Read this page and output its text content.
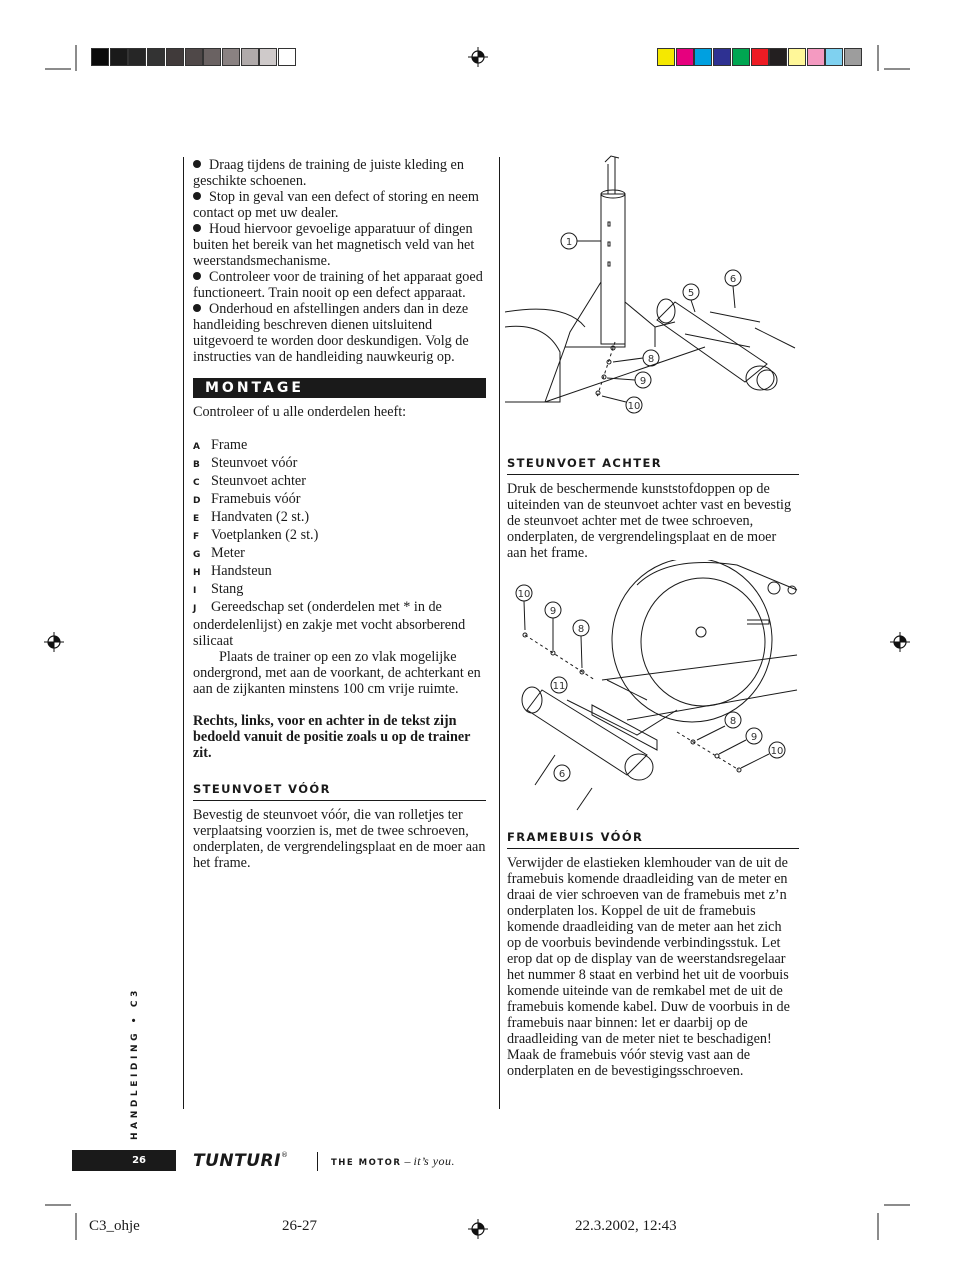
Draag tijdens de training de juiste kleding en geschikte schoenen.

Stop in geval van een defect of storing en neem contact op met uw dealer.

Houd hiervoor gevoelige apparatuur of dingen buiten het bereik van het magnetisch veld van het weerstandsmechanisme.

Controleer voor de training of het apparaat goed functioneert. Train nooit op een defect apparaat.

Onderhoud en afstellingen anders dan in deze handleiding beschreven dienen uitsluitend uitgevoerd te worden door deskundigen. Volg de instructies van de handleiding nauwkeurig op.

MONTAGE

Controleer of u alle onderdelen heeft:

A Frame
B Steunvoet vóór
C Steunvoet achter
D Framebuis vóór
E Handvaten (2 st.)
F Voetplanken (2 st.)
G Meter
H Handsteun
I	Stang
J Gereedschap set (onderdelen met * in de onderdelenlijst) en zakje met vocht absorberend silicaat

Plaats de trainer op een zo vlak mogelijke ondergrond, met aan de voorkant, de achterkant en aan de zijkanten minstens 100 cm vrije ruimte.

Rechts, links, voor en achter in de tekst zijn bedoeld vanuit de positie zoals u op de trainer zit.

STEUNVOET VÓÓR

Bevestig de steunvoet vóór, die van rolletjes ter verplaatsing voorzien is, met de twee schroeven, onderplaten, de vergrendelingsplaat en de moer aan het frame.

1
5
6
8
9
10
STEUNVOET ACHTER

Druk de beschermende kunststofdoppen op de uiteinden van de steunvoet achter vast en bevestig de steunvoet achter met de twee schroeven, onderplaten, de vergrendelingsplaat en de moer aan het frame.

10
9
8
11
6
8
9
10
FRAMEBUIS VÓÓR

Verwijder de elastieken klemhouder van de uit de framebuis komende draadleiding van de meter en draai de vier schroeven van de framebuis met z’n onderplaten los. Koppel de uit de framebuis komende draadleiding van de meter aan het zich op de voorbuis bevindende verbindingsstuk. Let erop dat op de display van de weerstandsregelaar het nummer 8 staat en verbind het uit de voorbuis komende uiteinde van de remkabel met de uit de framebuis komende kabel. Duw de voorbuis in de framebuis naar binnen: let er daarbij op de draadleiding van de meter niet te beschadigen! Maak de framebuis vóór stevig vast aan de onderplaten en de bevestigingsschroeven.

HANDLEIDING • C3
26	TUNTURI®
THE MOTOR – it’s you.
C3_ohje	26-27	22.3.2002, 12:43
